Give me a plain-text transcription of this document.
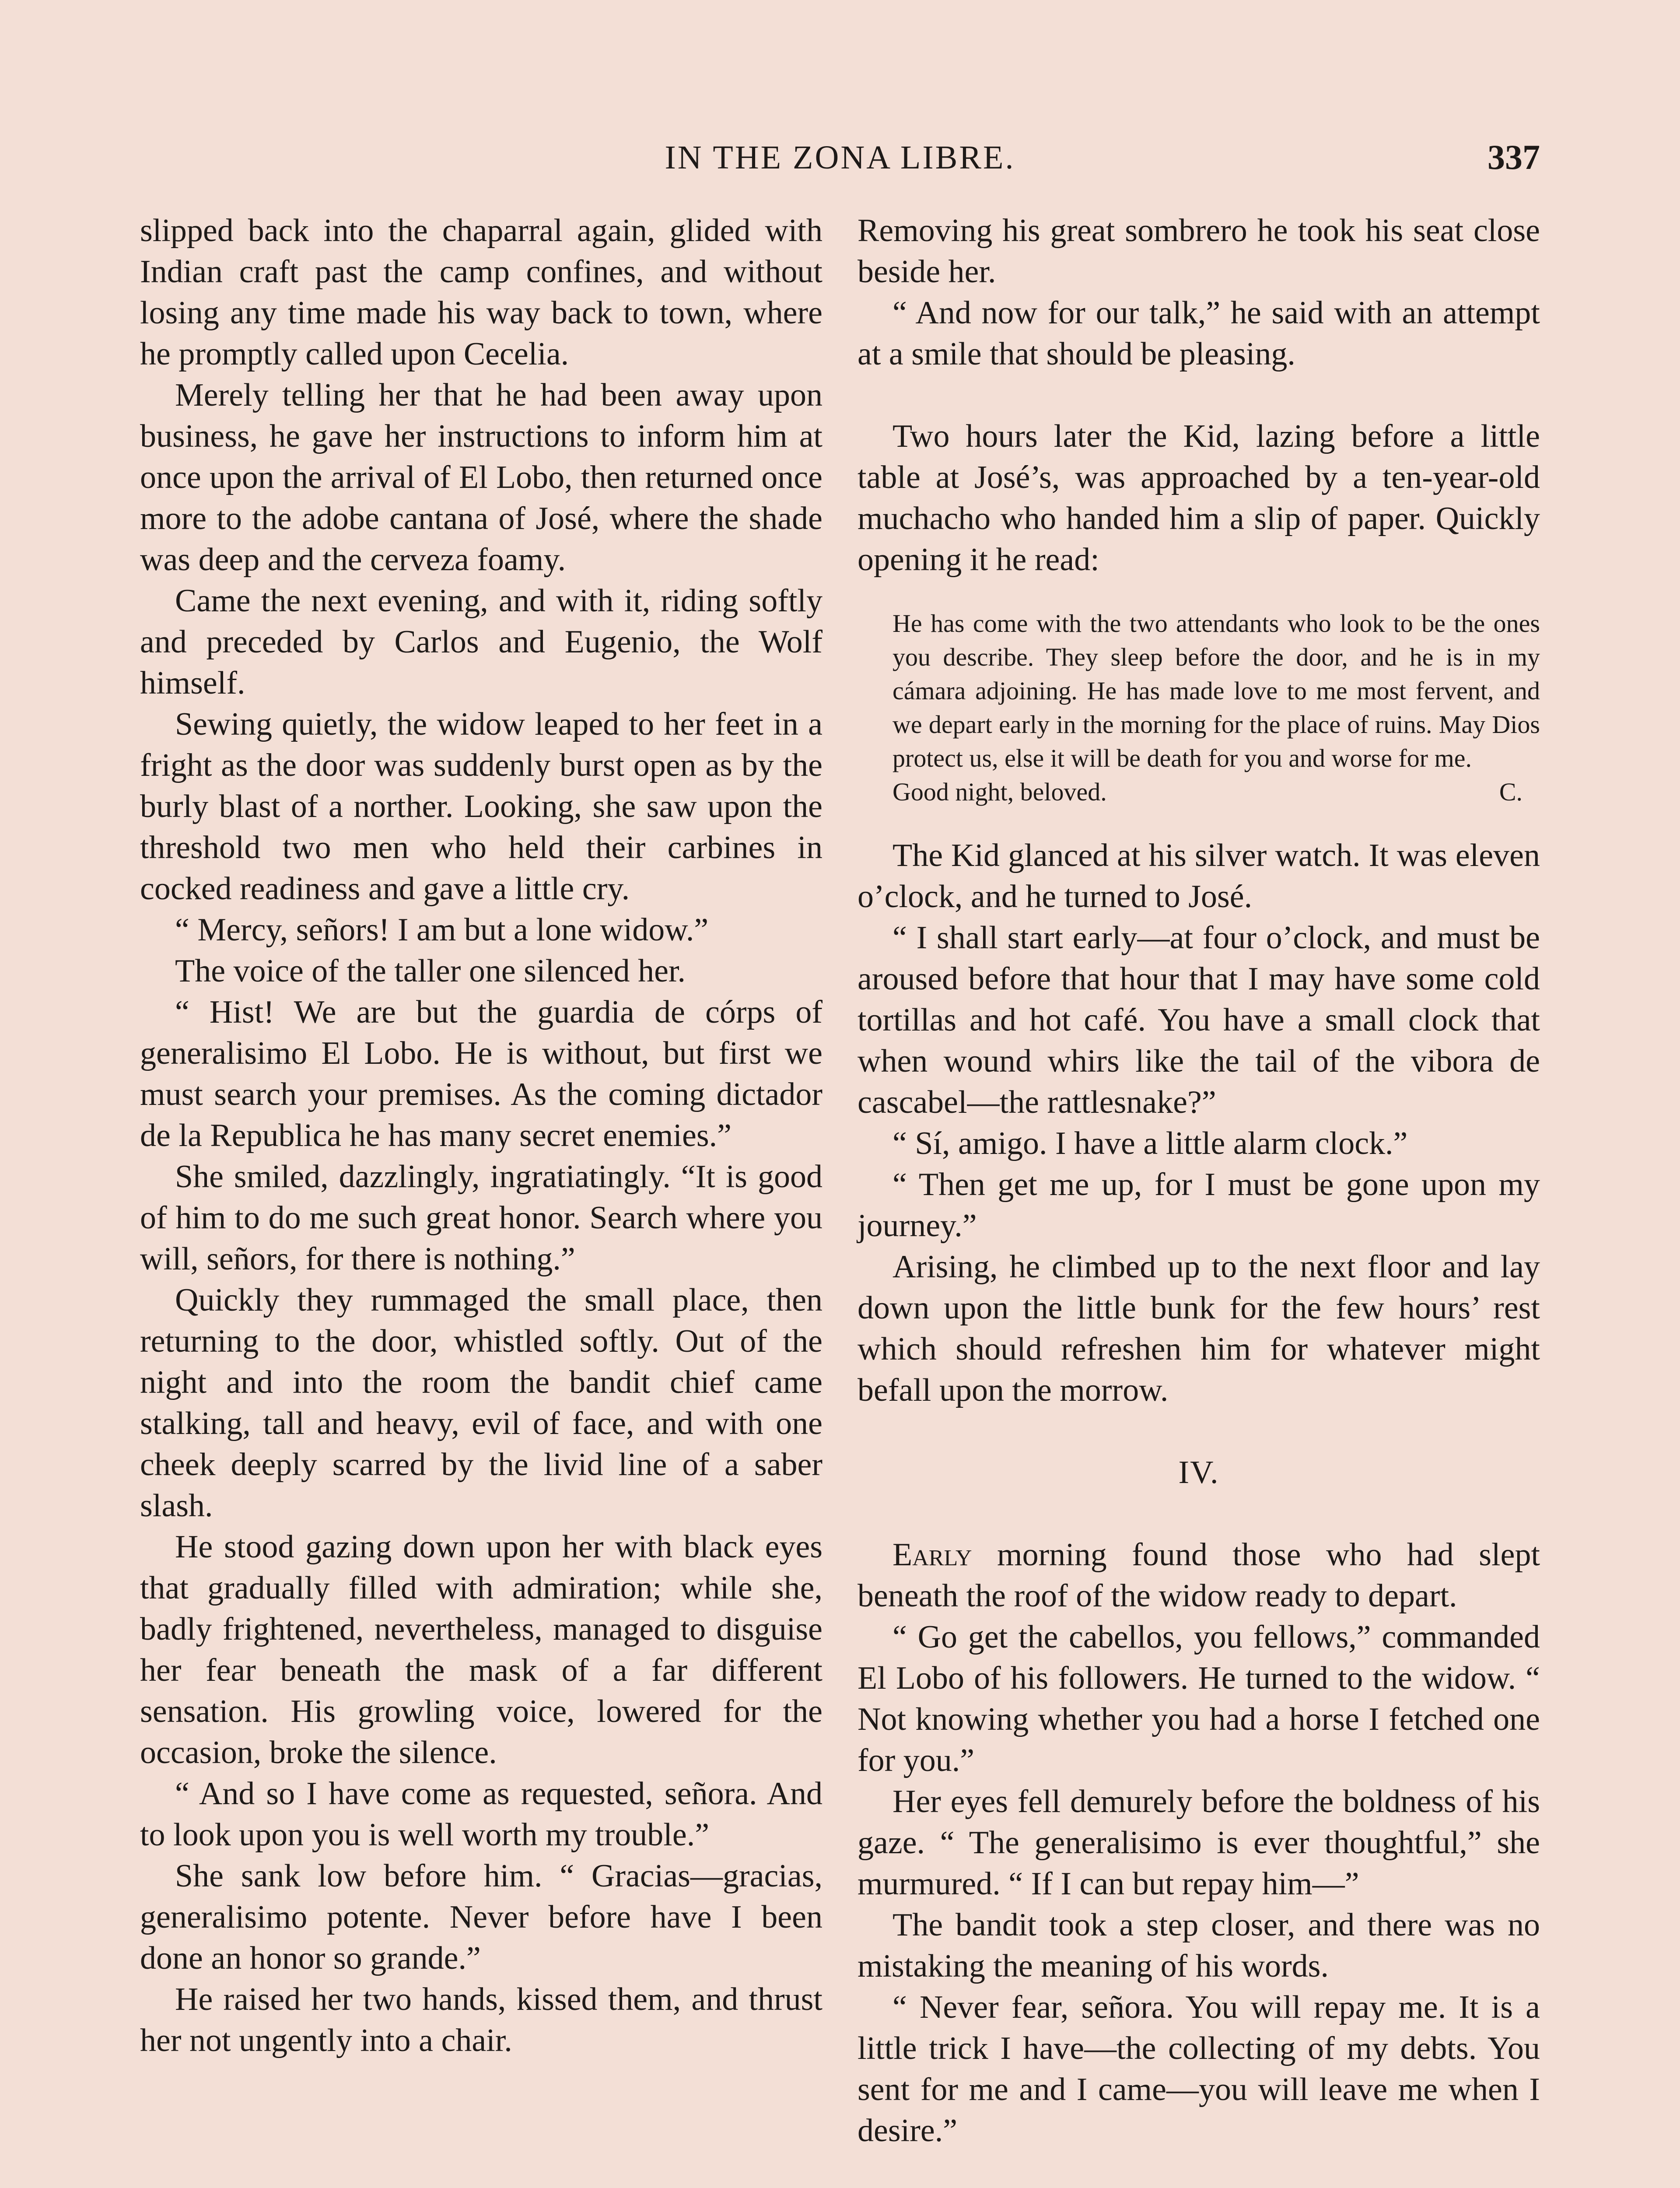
IN THE ZONA LIBRE.	337

slipped back into the chaparral again, glided with Indian craft past the camp confines, and without losing any time made his way back to town, where he promptly called upon Cecelia.

Merely telling her that he had been away upon business, he gave her instructions to inform him at once upon the arrival of El Lobo, then returned once more to the adobe cantana of José, where the shade was deep and the cerveza foamy.

Came the next evening, and with it, riding softly and preceded by Carlos and Eugenio, the Wolf himself.

Sewing quietly, the widow leaped to her feet in a fright as the door was suddenly burst open as by the burly blast of a norther. Looking, she saw upon the threshold two men who held their carbines in cocked readiness and gave a little cry.

“ Mercy, señors! I am but a lone widow.”

The voice of the taller one silenced her.

“ Hist! We are but the guardia de córps of generalisimo El Lobo. He is without, but first we must search your premises. As the coming dictador de la Republica he has many secret enemies.”

She smiled, dazzlingly, ingratiatingly. “It is good of him to do me such great honor. Search where you will, señors, for there is nothing.”

Quickly they rummaged the small place, then returning to the door, whistled softly. Out of the night and into the room the bandit chief came stalking, tall and heavy, evil of face, and with one cheek deeply scarred by the livid line of a saber slash.

He stood gazing down upon her with black eyes that gradually filled with admiration; while she, badly frightened, nevertheless, managed to disguise her fear beneath the mask of a far different sensation. His growling voice, lowered for the occasion, broke the silence.

“ And so I have come as requested, señora. And to look upon you is well worth my trouble.”

She sank low before him. “ Gracias—gracias, generalisimo potente. Never before have I been done an honor so grande.”

He raised her two hands, kissed them, and thrust her not ungently into a chair.

Removing his great sombrero he took his seat close beside her.

“ And now for our talk,” he said with an attempt at a smile that should be pleasing.

Two hours later the Kid, lazing before a little table at José’s, was approached by a ten-year-old muchacho who handed him a slip of paper. Quickly opening it he read:

He has come with the two attendants who look to be the ones you describe. They sleep before the door, and he is in my cámara adjoining. He has made love to me most fervent, and we depart early in the morning for the place of ruins. May Dios protect us, else it will be death for you and worse for me.

Good night, beloved.	C.

The Kid glanced at his silver watch. It was eleven o’clock, and he turned to José.

“ I shall start early—at four o’clock, and must be aroused before that hour that I may have some cold tortillas and hot café. You have a small clock that when wound whirs like the tail of the vibora de cascabel—the rattlesnake?”

“ Sí, amigo. I have a little alarm clock.”

“ Then get me up, for I must be gone upon my journey.”

Arising, he climbed up to the next floor and lay down upon the little bunk for the few hours’ rest which should refreshen him for whatever might befall upon the morrow.

IV.

Early morning found those who had slept beneath the roof of the widow ready to depart.

“ Go get the cabellos, you fellows,” commanded El Lobo of his followers. He turned to the widow. “ Not knowing whether you had a horse I fetched one for you.”

Her eyes fell demurely before the boldness of his gaze. “ The generalisimo is ever thoughtful,” she murmured. “ If I can but repay him—”

The bandit took a step closer, and there was no mistaking the meaning of his words.

“ Never fear, señora. You will repay me. It is a little trick I have—the collecting of my debts. You sent for me and I came—you will leave me when I desire.”
